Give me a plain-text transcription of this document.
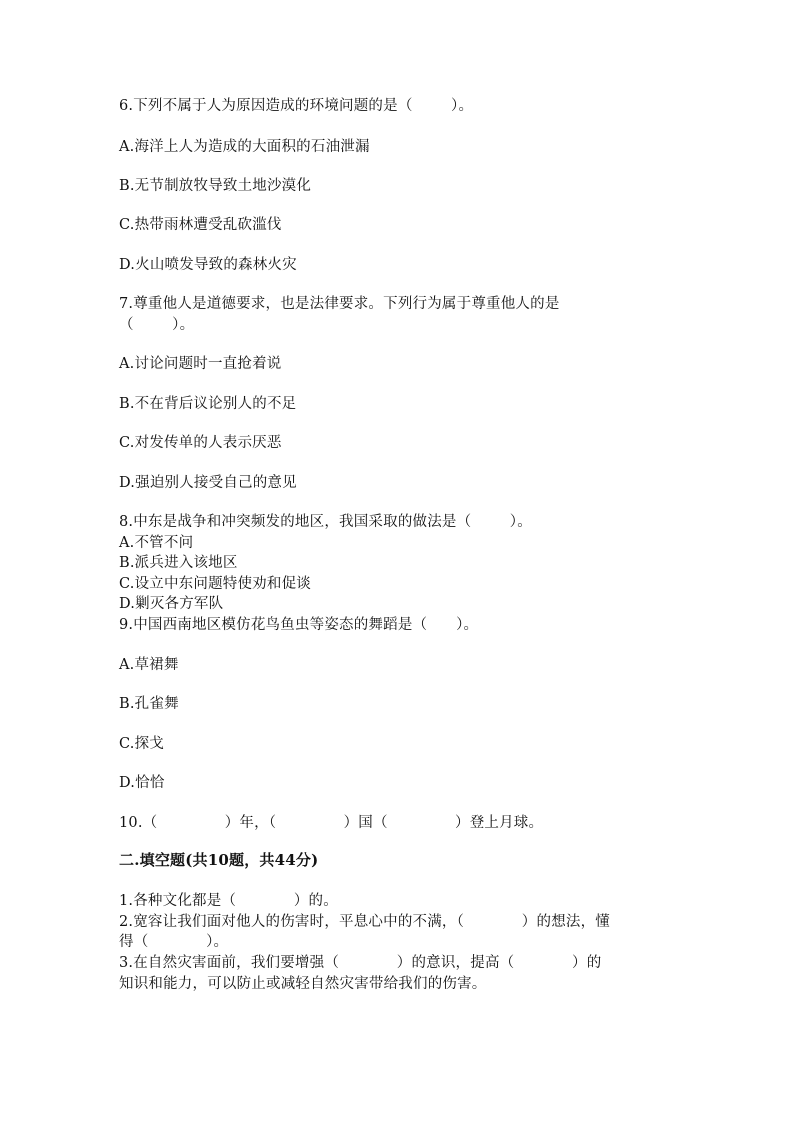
6.下列不属于人为原因造成的环境问题的是（        ）。
A.海洋上人为造成的大面积的石油泄漏
B.无节制放牧导致土地沙漠化
C.热带雨林遭受乱砍滥伐
D.火山喷发导致的森林火灾
7.尊重他人是道德要求，也是法律要求。下列行为属于尊重他人的是
（        ）。
A.讨论问题时一直抢着说
B.不在背后议论别人的不足
C.对发传单的人表示厌恶
D.强迫别人接受自己的意见
8.中东是战争和冲突频发的地区，我国采取的做法是（        ）。
A.不管不问
B.派兵进入该地区
C.设立中东问题特使劝和促谈
D.剿灭各方军队
9.中国西南地区模仿花鸟鱼虫等姿态的舞蹈是（      ）。
A.草裙舞
B.孔雀舞
C.探戈
D.恰恰
10.（              ）年，（              ）国（              ）登上月球。
二.填空题(共10题，共44分)
1.各种文化都是（            ）的。
2.宽容让我们面对他人的伤害时，平息心中的不满，（            ）的想法，懂
得（            ）。
3.在自然灾害面前，我们要增强（            ）的意识，提高（            ）的
知识和能力，可以防止或减轻自然灾害带给我们的伤害。
